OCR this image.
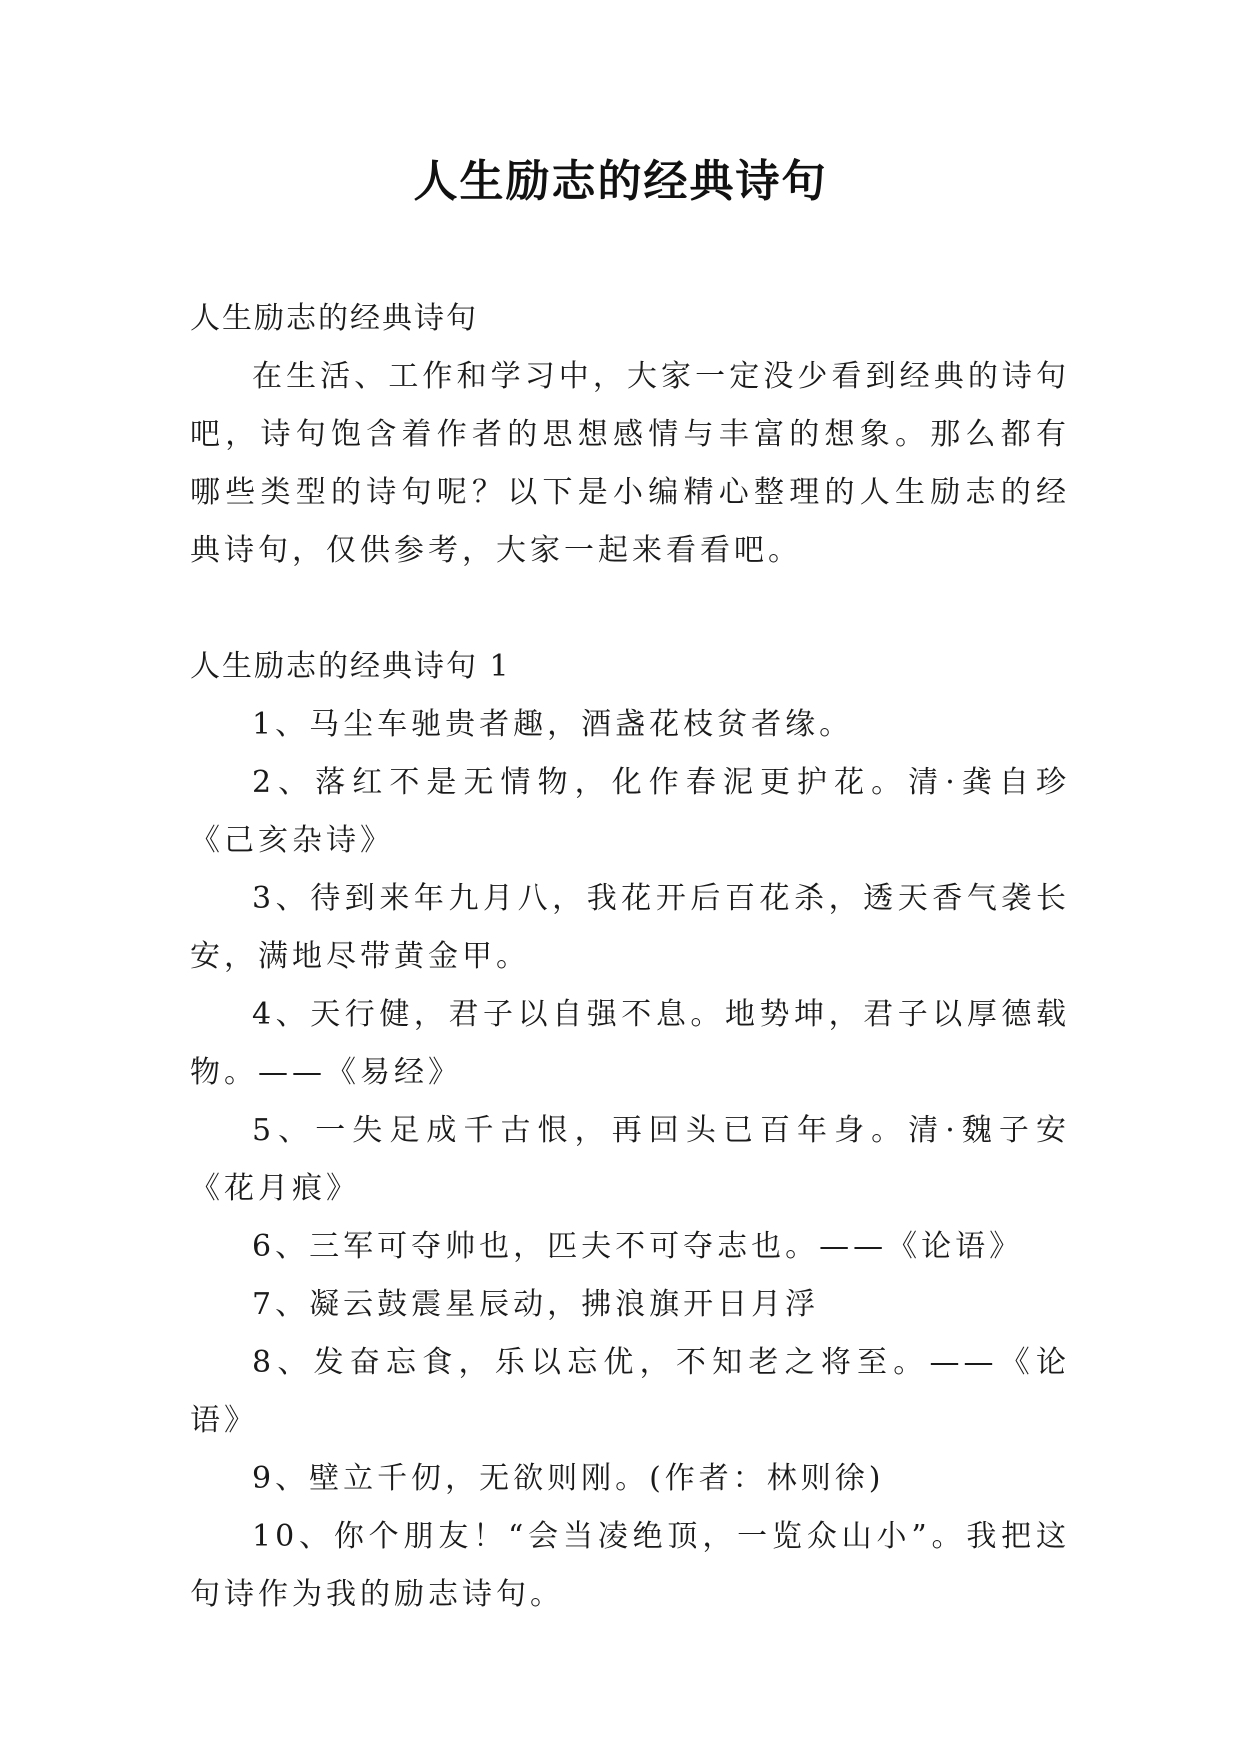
人生励志的经典诗句

人生励志的经典诗句

在生活、工作和学习中，大家一定没少看到经典的诗句吧，诗句饱含着作者的思想感情与丰富的想象。那么都有哪些类型的诗句呢？以下是小编精心整理的人生励志的经典诗句，仅供参考，大家一起来看看吧。

人生励志的经典诗句 1

1、马尘车驰贵者趣，酒盏花枝贫者缘。

2、落红不是无情物，化作春泥更护花。清·龚自珍《己亥杂诗》

3、待到来年九月八，我花开后百花杀，透天香气袭长安，满地尽带黄金甲。

4、天行健，君子以自强不息。地势坤，君子以厚德载物。——《易经》

5、一失足成千古恨，再回头已百年身。清·魏子安《花月痕》

6、三军可夺帅也，匹夫不可夺志也。——《论语》

7、凝云鼓震星辰动，拂浪旗开日月浮

8、发奋忘食，乐以忘优，不知老之将至。——《论语》

9、壁立千仞，无欲则刚。(作者：林则徐)

10、你个朋友！“会当凌绝顶，一览众山小”。我把这句诗作为我的励志诗句。
